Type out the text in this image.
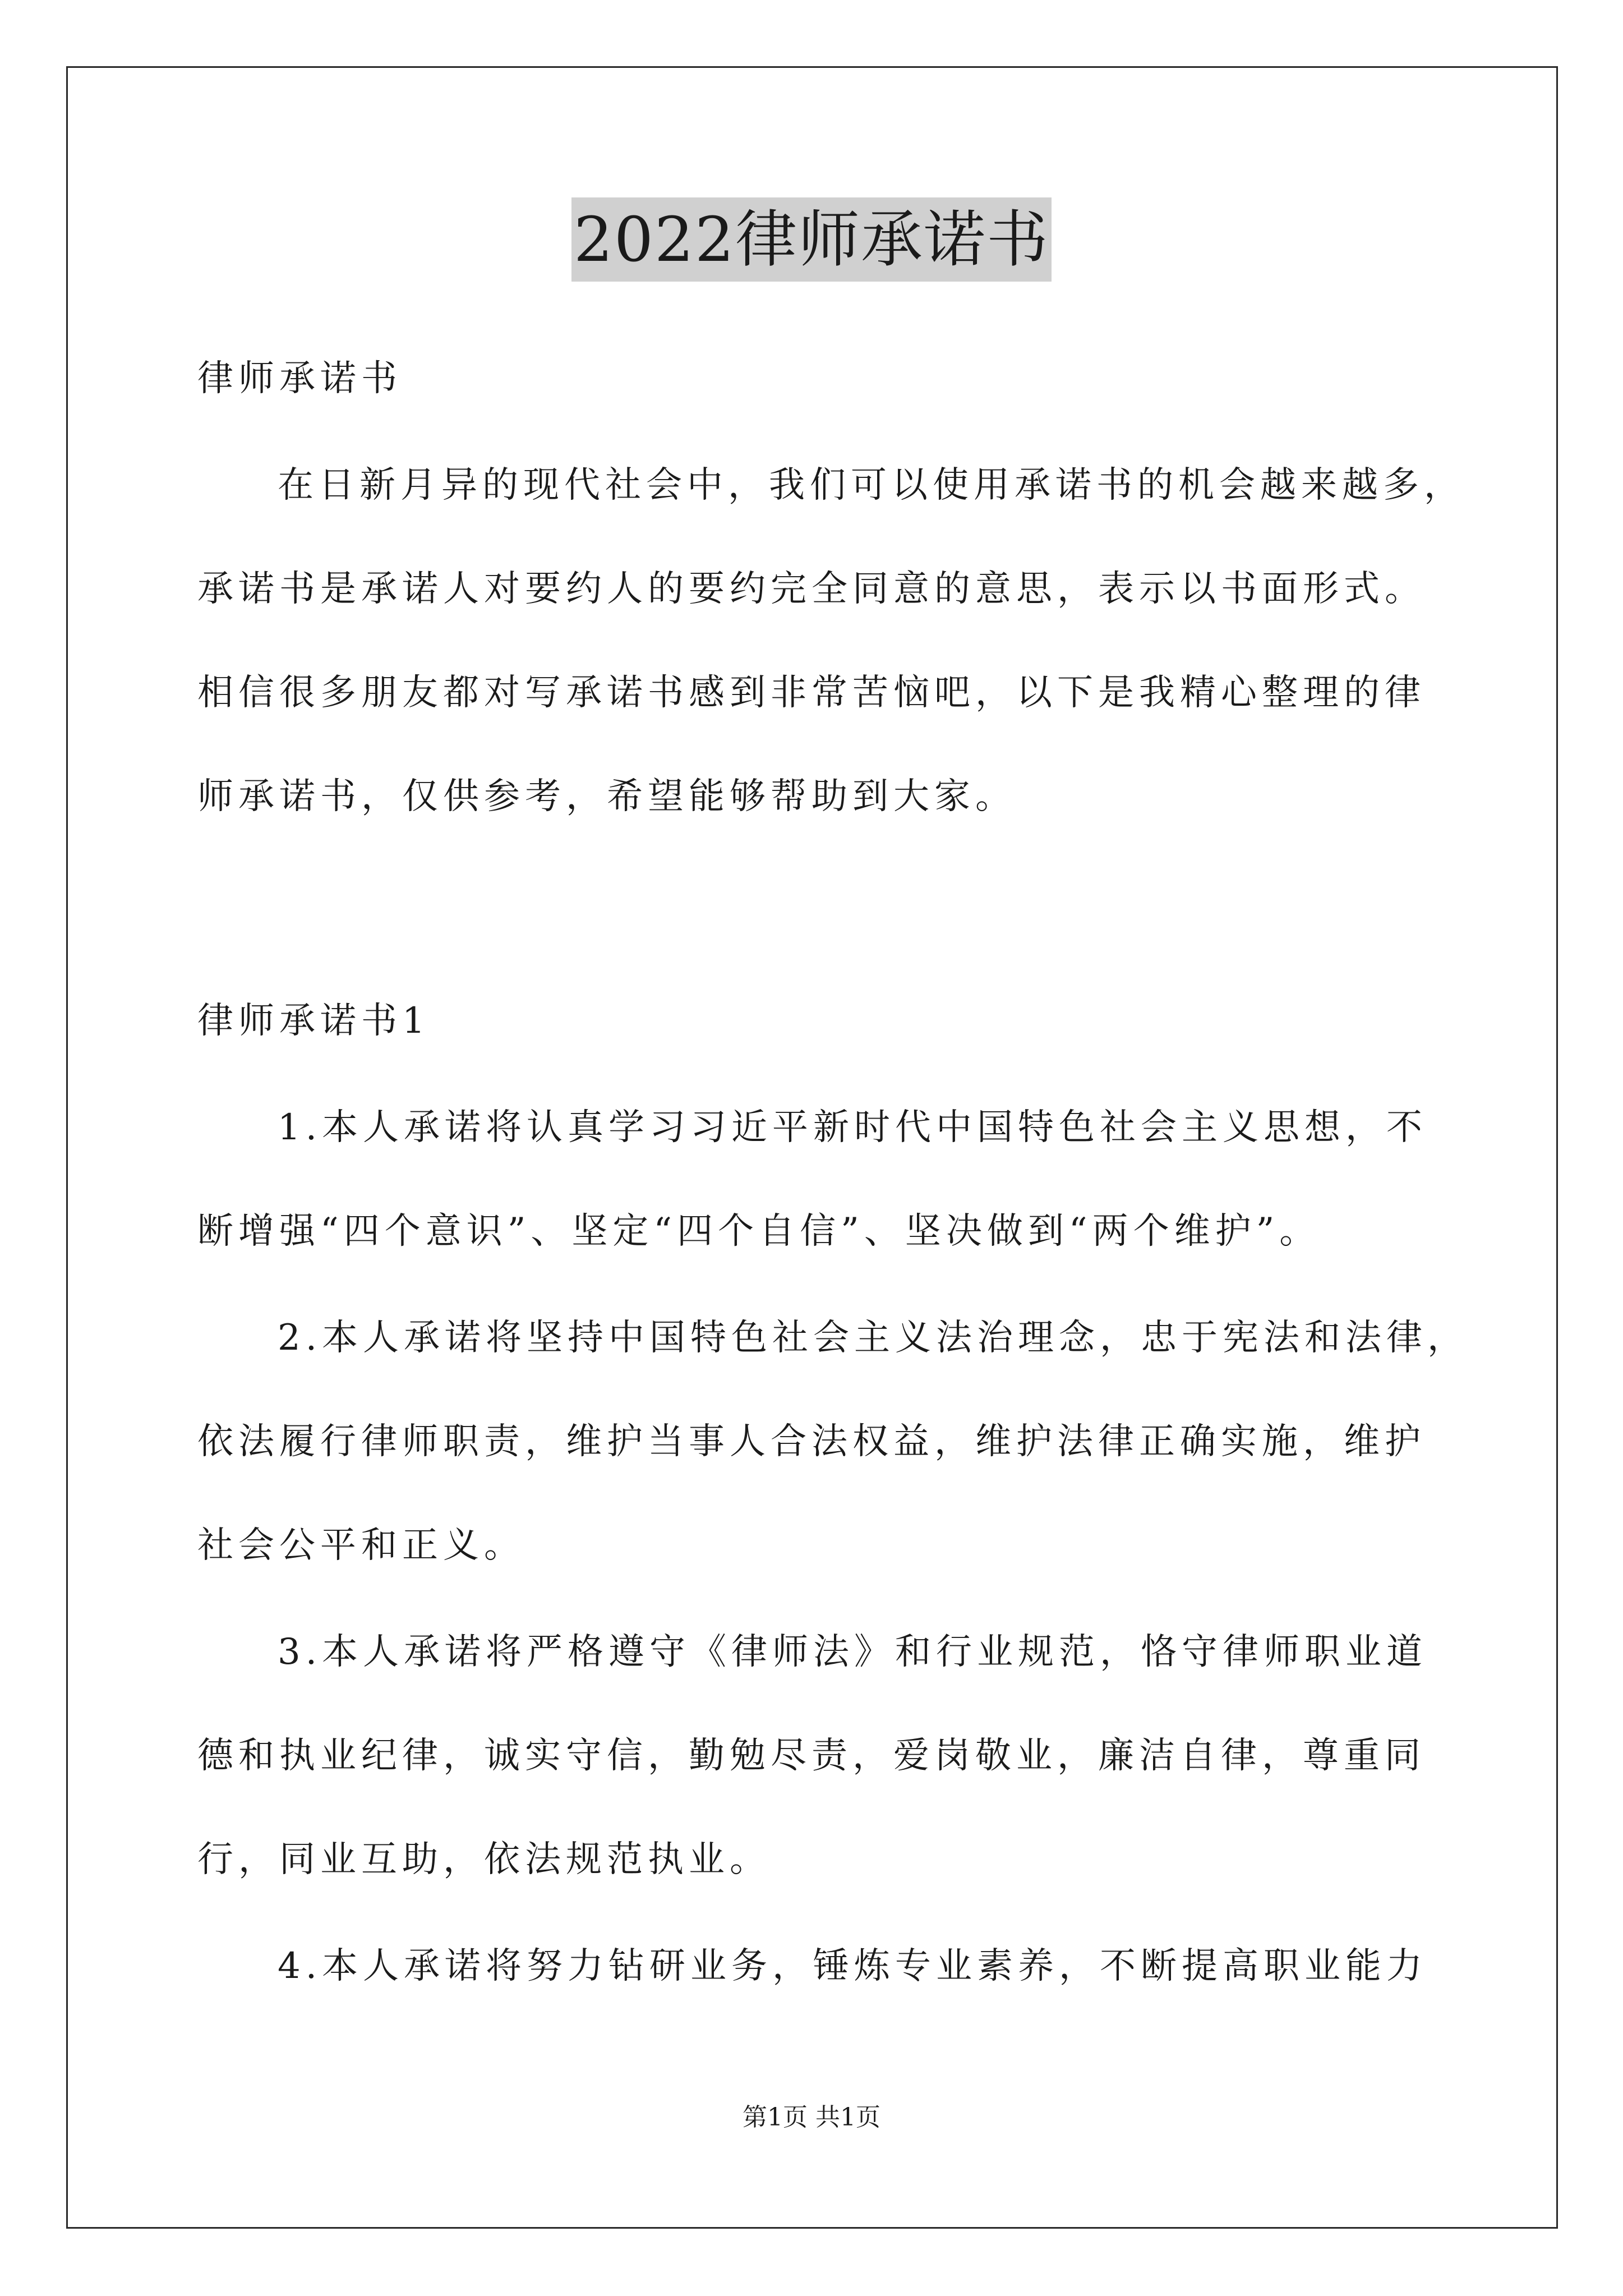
2022律师承诺书
律师承诺书
在日新月异的现代社会中，我们可以使用承诺书的机会越来越多，
承诺书是承诺人对要约人的要约完全同意的意思，表示以书面形式。
相信很多朋友都对写承诺书感到非常苦恼吧，以下是我精心整理的律
师承诺书，仅供参考，希望能够帮助到大家。
律师承诺书1
1.本人承诺将认真学习习近平新时代中国特色社会主义思想，不
断增强“四个意识”、坚定“四个自信”、坚决做到“两个维护”。
2.本人承诺将坚持中国特色社会主义法治理念，忠于宪法和法律，
依法履行律师职责，维护当事人合法权益，维护法律正确实施，维护
社会公平和正义。
3.本人承诺将严格遵守《律师法》和行业规范，恪守律师职业道
德和执业纪律，诚实守信，勤勉尽责，爱岗敬业，廉洁自律，尊重同
行，同业互助，依法规范执业。
4.本人承诺将努力钻研业务，锤炼专业素养，不断提高职业能力
第1页 共1页
